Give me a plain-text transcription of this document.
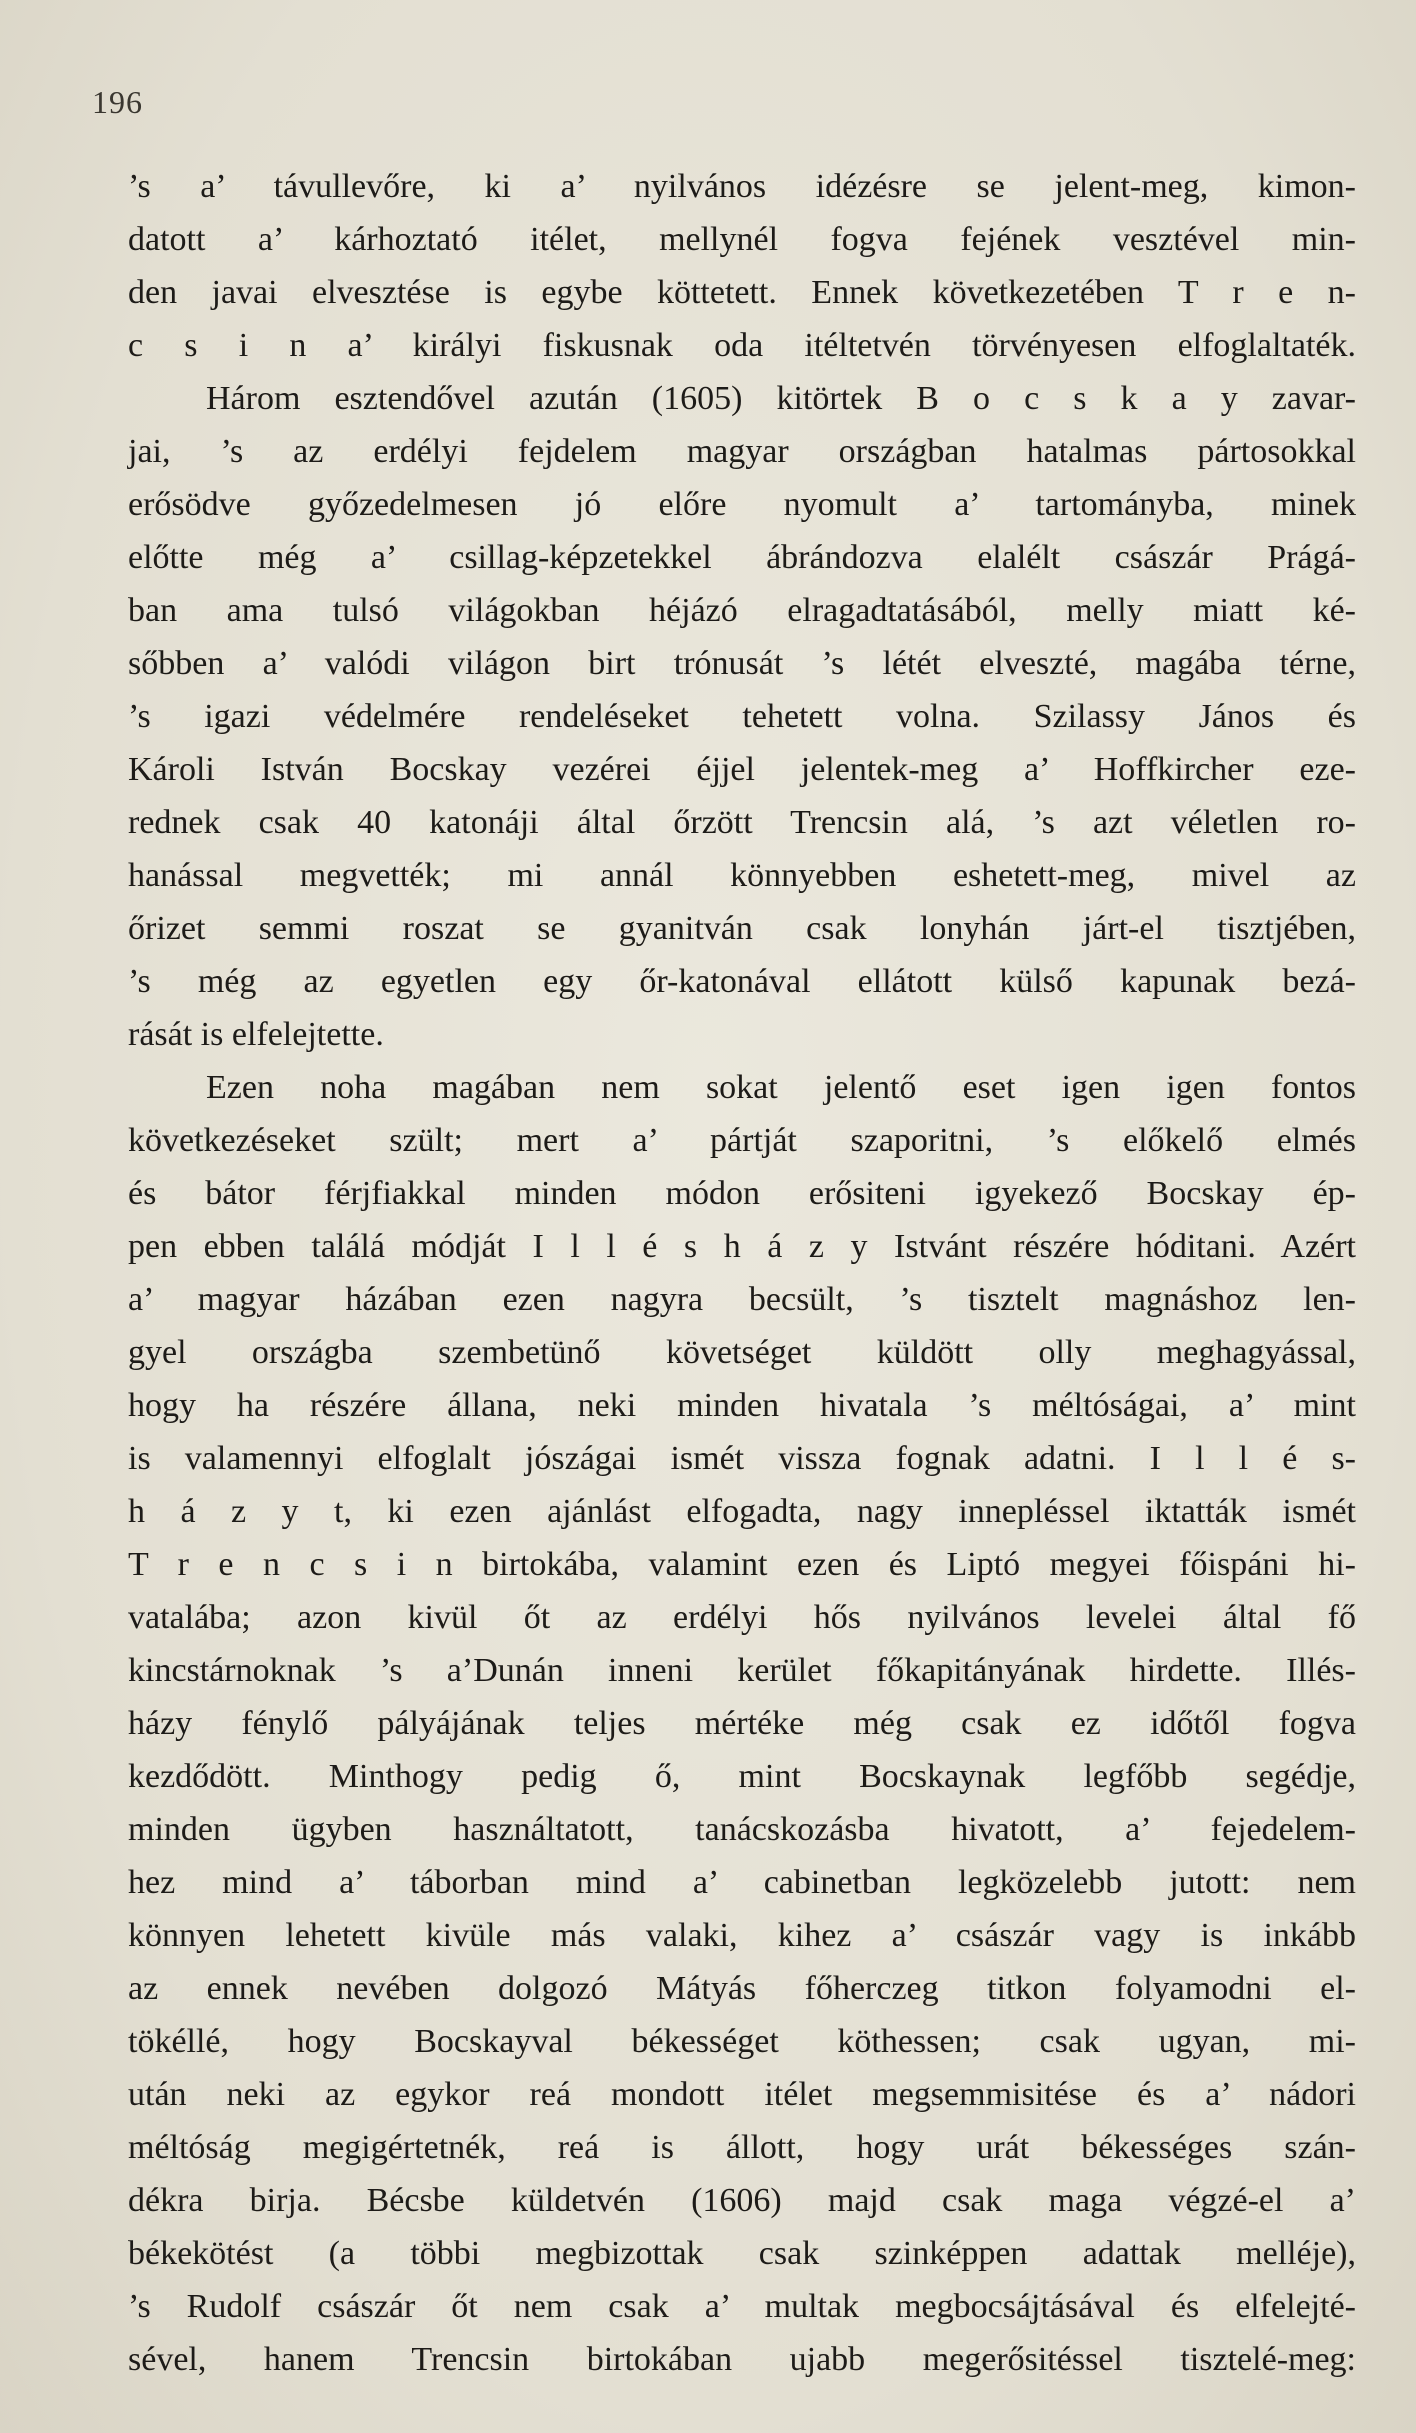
196
’s a’ távullevőre, ki a’ nyilvános idézésre se jelent-meg, kimon-
datott a’ kárhoztató itélet, mellynél fogva fejének vesztével min-
den javai elvesztése is egybe köttetett. Ennek következetében T r e n-
c s i n a’ királyi fiskusnak oda itéltetvén törvényesen elfoglaltaték.
Három esztendővel azután (1605) kitörtek B o c s k a y zavar-
jai, ’s az erdélyi fejdelem magyar országban hatalmas pártosokkal
erősödve győzedelmesen jó előre nyomult a’ tartományba, minek
előtte még a’ csillag-képzetekkel ábrándozva elalélt császár Prágá-
ban ama tulsó világokban héjázó elragadtatásából, melly miatt ké-
sőbben a’ valódi világon birt trónusát ’s létét elveszté, magába térne,
’s igazi védelmére rendeléseket tehetett volna. Szilassy János és
Károli István Bocskay vezérei éjjel jelentek-meg a’ Hoffkircher eze-
rednek csak 40 katonáji által őrzött Trencsin alá, ’s azt véletlen ro-
hanással megvették; mi annál könnyebben eshetett-meg, mivel az
őrizet semmi roszat se gyanitván csak lonyhán járt-el tisztjében,
’s még az egyetlen egy őr-katonával ellátott külső kapunak bezá-
rását is elfelejtette.
Ezen noha magában nem sokat jelentő eset igen igen fontos
következéseket szült; mert a’ pártját szaporitni, ’s előkelő elmés
és bátor férjfiakkal minden módon erősiteni igyekező Bocskay ép-
pen ebben találá módját I l l é s h á z y Istvánt részére hóditani. Azért
a’ magyar házában ezen nagyra becsült, ’s tisztelt magnáshoz len-
gyel országba szembetünő követséget küldött olly meghagyással,
hogy ha részére állana, neki minden hivatala ’s méltóságai, a’ mint
is valamennyi elfoglalt jószágai ismét vissza fognak adatni. I l l é s-
h á z y t, ki ezen ajánlást elfogadta, nagy innepléssel iktatták ismét
T r e n c s i n birtokába, valamint ezen és Liptó megyei főispáni hi-
vatalába; azon kivül őt az erdélyi hős nyilvános levelei által fő
kincstárnoknak ’s a’Dunán inneni kerület főkapitányának hirdette. Illés-
házy fénylő pályájának teljes mértéke még csak ez időtől fogva
kezdődött. Minthogy pedig ő, mint Bocskaynak legfőbb segédje,
minden ügyben használtatott, tanácskozásba hivatott, a’ fejedelem-
hez mind a’ táborban mind a’ cabinetban legközelebb jutott: nem
könnyen lehetett kivüle más valaki, kihez a’ császár vagy is inkább
az ennek nevében dolgozó Mátyás főherczeg titkon folyamodni el-
tökéllé, hogy Bocskayval békességet köthessen; csak ugyan, mi-
után neki az egykor reá mondott itélet megsemmisitése és a’ nádori
méltóság megigértetnék, reá is állott, hogy urát békességes szán-
dékra birja. Bécsbe küldetvén (1606) majd csak maga végzé-el a’
békekötést (a többi megbizottak csak szinképpen adattak melléje),
’s Rudolf császár őt nem csak a’ multak megbocsájtásával és elfelejté-
sével, hanem Trencsin birtokában ujabb megerősitéssel tisztelé-meg:
